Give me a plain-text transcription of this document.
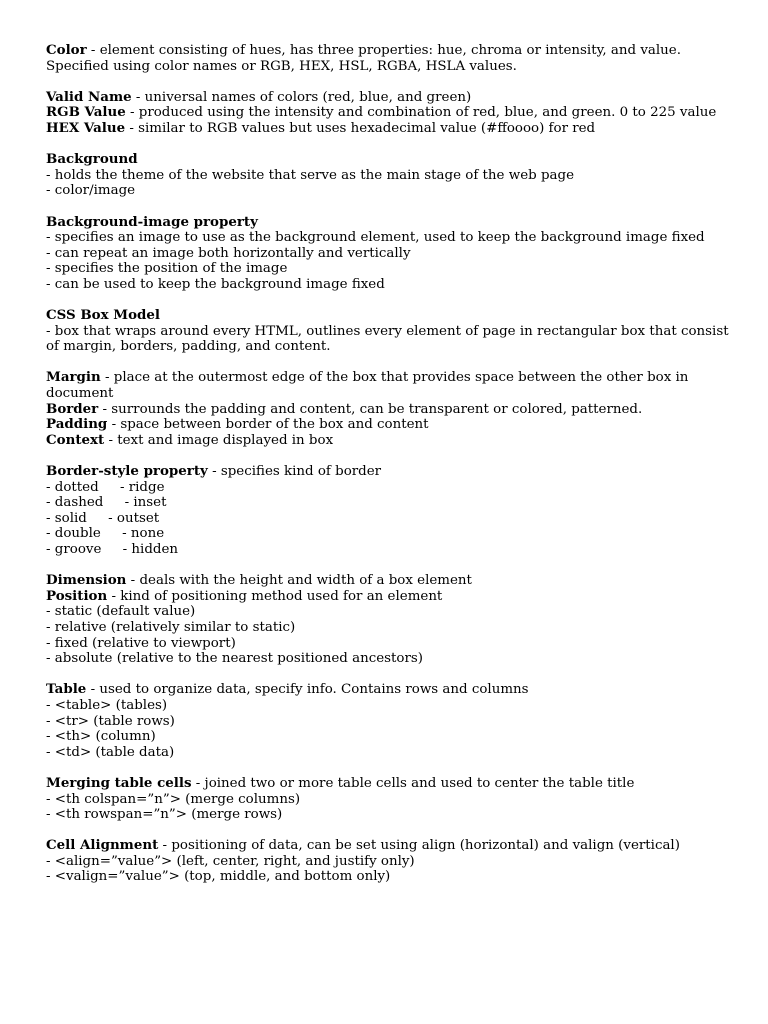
Color - element consisting of hues, has three properties: hue, chroma or intensity, and value. Specified using color names or RGB, HEX, HSL, RGBA, HSLA values.
Valid Name - universal names of colors (red, blue, and green)
RGB Value - produced using the intensity and combination of red, blue, and green. 0 to 225 value
HEX Value - similar to RGB values but uses hexadecimal value (#ffoooo) for red
Background
- holds the theme of the website that serve as the main stage of the web page
- color/image
Background-image property
- specifies an image to use as the background element, used to keep the background image fixed
- can repeat an image both horizontally and vertically
- specifies the position of the image
- can be used to keep the background image fixed
CSS Box Model
- box that wraps around every HTML, outlines every element of page in rectangular box that consist of margin, borders, padding, and content.
Margin - place at the outermost edge of the box that provides space between the other box in document
Border - surrounds the padding and content, can be transparent or colored, patterned.
Padding - space between border of the box and content
Context - text and image displayed in box
Border-style property - specifies kind of border
- dotted     - ridge
- dashed     - inset
- solid     - outset
- double     - none
- groove     - hidden
Dimension - deals with the height and width of a box element
Position - kind of positioning method used for an element
- static (default value)
- relative (relatively similar to static)
- fixed (relative to viewport)
- absolute (relative to the nearest positioned ancestors)
Table - used to organize data, specify info. Contains rows and columns
- <table> (tables)
- <tr> (table rows)
- <th> (column)
- <td> (table data)
Merging table cells - joined two or more table cells and used to center the table title
- <th colspan=”n”> (merge columns)
- <th rowspan=”n”> (merge rows)
Cell Alignment - positioning of data, can be set using align (horizontal) and valign (vertical)
- <align=”value”> (left, center, right, and justify only)
- <valign=”value”> (top, middle, and bottom only)
